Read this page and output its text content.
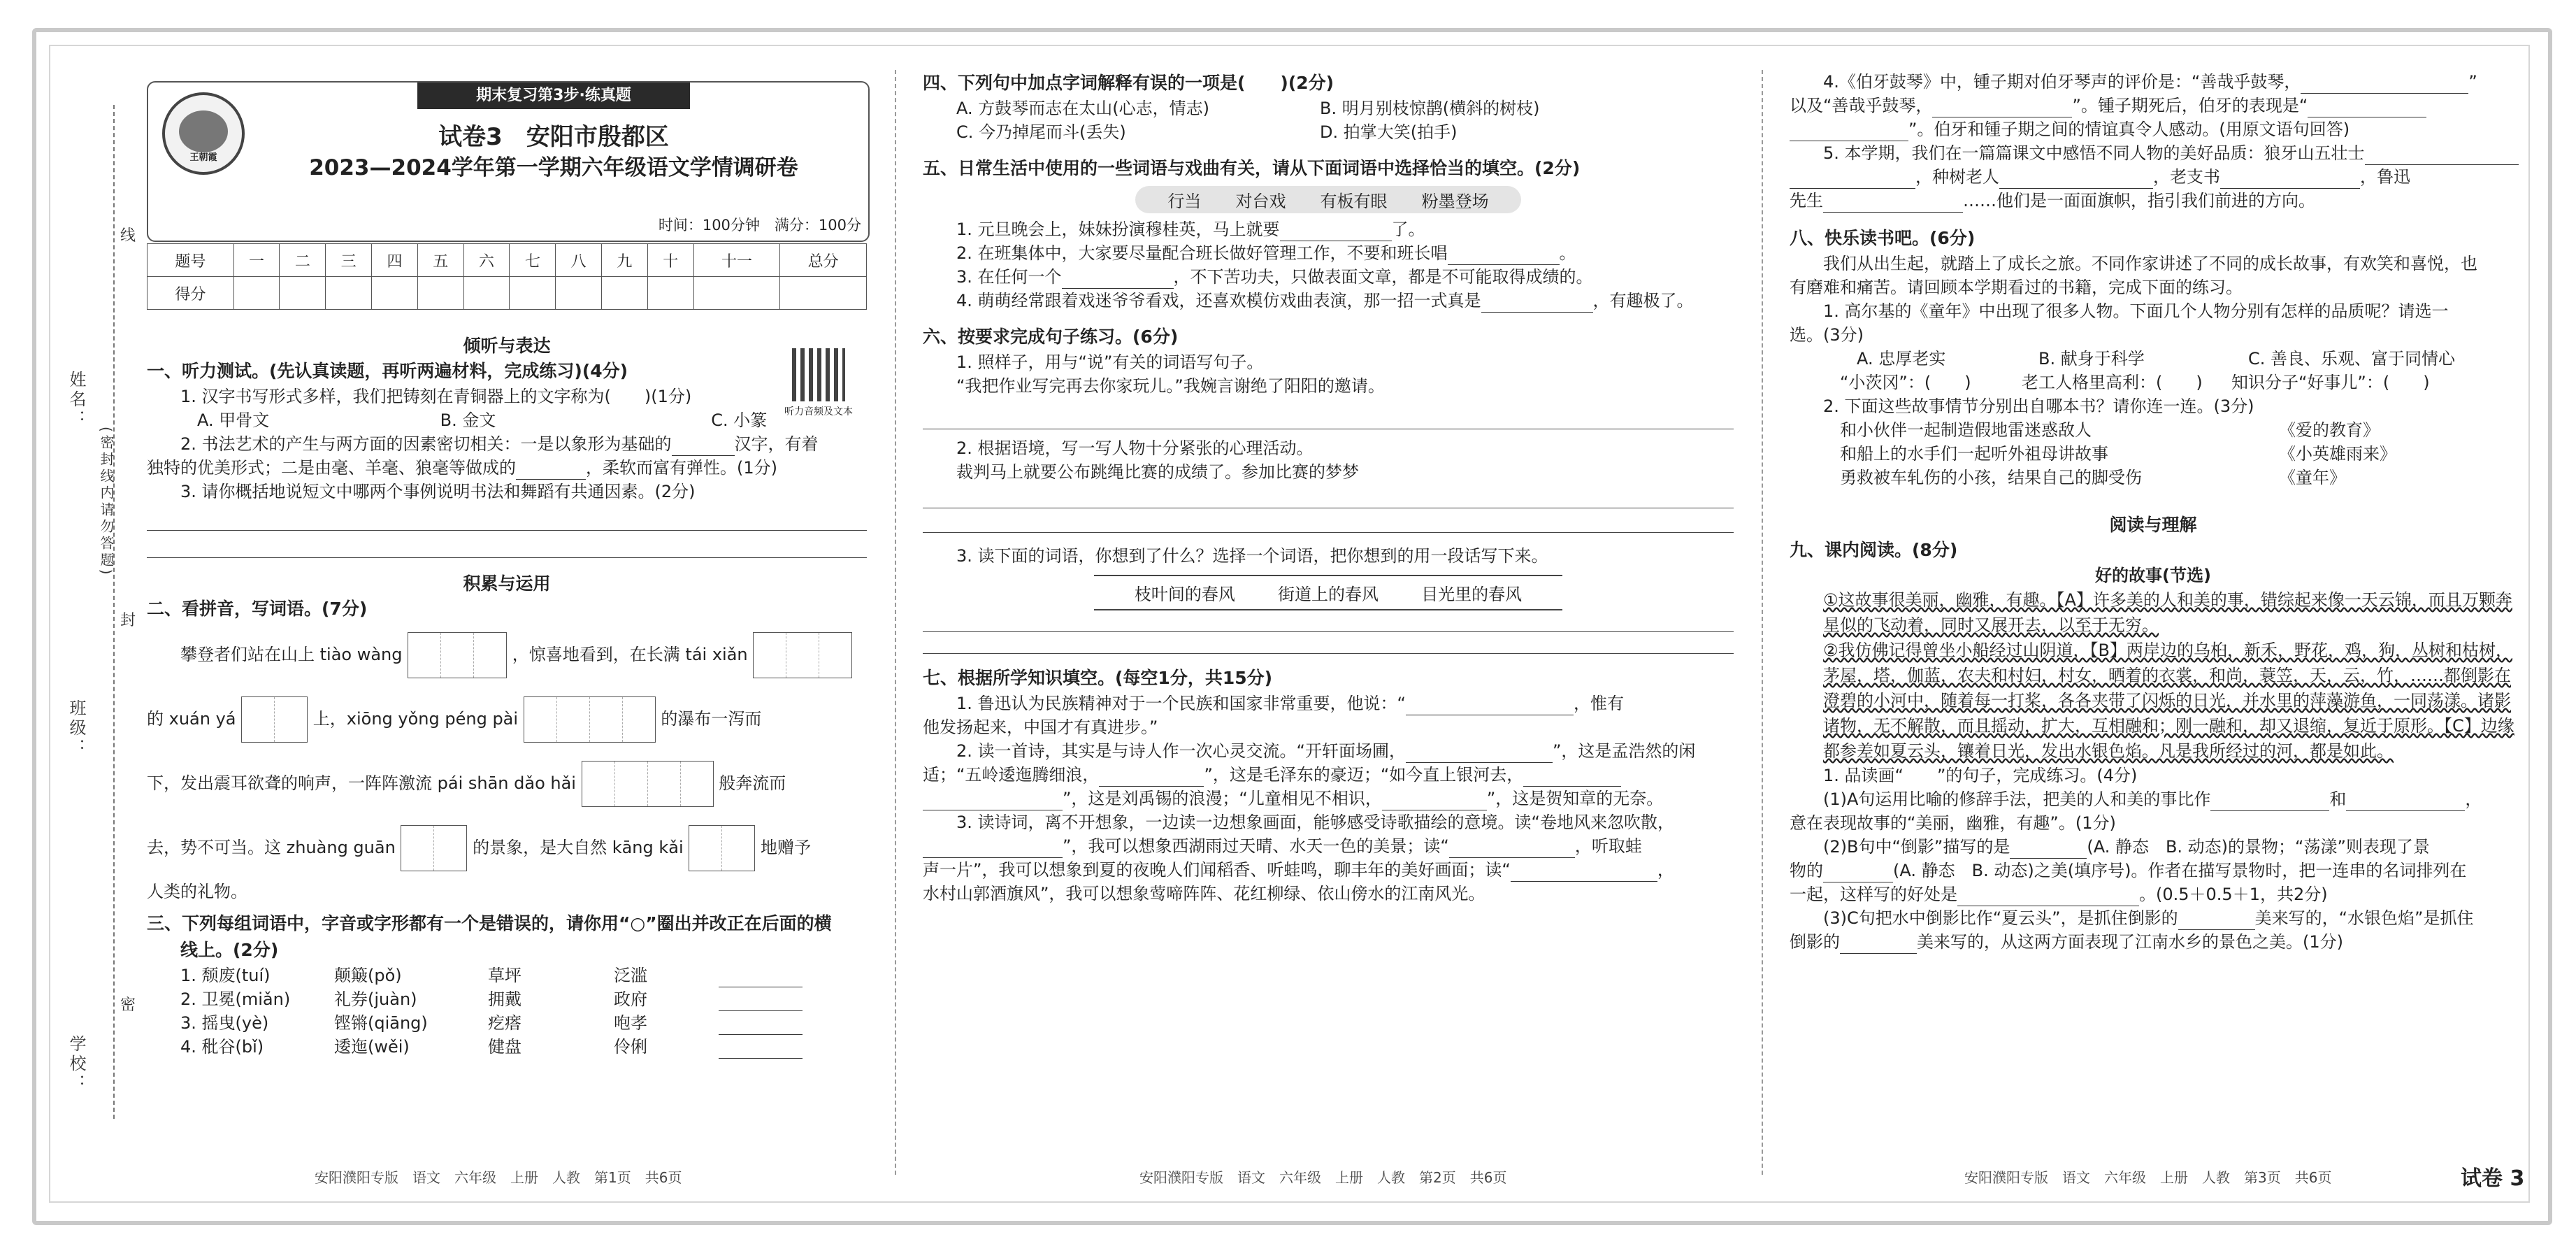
姓名：
班级：
学校：
(密封线内请勿答题)
线
封
密
期末复习第3步·练真题
王朝霞
试卷3　安阳市殷都区
2023—2024学年第一学期六年级语文学情调研卷
时间：100分钟　满分：100分
题号	一	二	三	四	五	六	七	八	九	十	十一	总分
得分												

倾听与表达

听力音频及文本

一、听力测试。(先认真读题，再听两遍材料，完成练习)(4分)

1. 汉字书写形式多样，我们把铸刻在青铜器上的文字称为(　　)(1分)

A. 甲骨文	B. 金文	C. 小篆

2. 书法艺术的产生与两方面的因素密切相关：一是以象形为基础的	汉字，有着

独特的优美形式；二是由毫、羊毫、狼毫等做成的	，柔软而富有弹性。(1分)

3. 请你概括地说短文中哪两个事例说明书法和舞蹈有共通因素。(2分)

积累与运用

二、看拼音，写词语。(7分)

攀登者们站在山上 tiào wàng	，惊喜地看到，在长满 tái xiǎn
的 xuán yá	上，xiōng yǒng péng pài	的瀑布一泻而
下，发出震耳欲聋的响声，一阵阵激流 pái shān dǎo hǎi	般奔流而
去，势不可当。这 zhuàng guān	的景象，是大自然 kāng kǎi	地赠予

人类的礼物。

三、下列每组词语中，字音或字形都有一个是错误的，请你用“○”圈出并改正在后面的横

线上。(2分)

1. 颓废(tuí)	颠簸(pǒ)	草坪	泛滥

2. 卫冕(miǎn)	礼券(juàn)	拥戴	政府

3. 摇曳(yè)	铿锵(qiāng)	疙瘩	咆孝

4. 秕谷(bǐ)	逶迤(wěi)	健盘	伶俐

安阳濮阳专版　语文　六年级　上册　人教　第1页　共6页

四、下列句中加点字词解释有误的一项是(　　)(2分)

A. 方鼓琴而志在太山(心志，情志)	B. 明月别枝惊鹊(横斜的树枝)

C. 今乃掉尾而斗(丢失)	D. 拍掌大笑(拍手)

五、日常生活中使用的一些词语与戏曲有关，请从下面词语中选择恰当的填空。(2分)

行当 对台戏 有板有眼 粉墨登场

1. 元旦晚会上，妹妹扮演穆桂英，马上就要	了。

2. 在班集体中，大家要尽量配合班长做好管理工作，不要和班长唱	。

3. 在任何一个	，不下苦功夫，只做表面文章，都是不可能取得成绩的。

4. 萌萌经常跟着戏迷爷爷看戏，还喜欢模仿戏曲表演，那一招一式真是	，有趣极了。

六、按要求完成句子练习。(6分)

1. 照样子，用与“说”有关的词语写句子。

“我把作业写完再去你家玩儿。”我婉言谢绝了阳阳的邀请。

2. 根据语境，写一写人物十分紧张的心理活动。

裁判马上就要公布跳绳比赛的成绩了。参加比赛的梦梦

3. 读下面的词语，你想到了什么？选择一个词语，把你想到的用一段话写下来。

枝叶间的春风	街道上的春风	目光里的春风

七、根据所学知识填空。(每空1分，共15分)

1. 鲁迅认为民族精神对于一个民族和国家非常重要，他说：“	，惟有

他发扬起来，中国才有真进步。”

2. 读一首诗，其实是与诗人作一次心灵交流。“开轩面场圃，	”，这是孟浩然的闲

适；“五岭逶迤腾细浪，	”，这是毛泽东的豪迈；“如今直上银河去，

”，这是刘禹锡的浪漫；“儿童相见不相识，	”，这是贺知章的无奈。

3. 读诗词，离不开想象，一边读一边想象画面，能够感受诗歌描绘的意境。读“卷地风来忽吹散，

”，我可以想象西湖雨过天晴、水天一色的美景；读“	，听取蛙

声一片”，我可以想象到夏的夜晚人们闻稻香、听蛙鸣，聊丰年的美好画面；读“	，

水村山郭酒旗风”，我可以想象莺啼阵阵、花红柳绿、依山傍水的江南风光。

安阳濮阳专版　语文　六年级　上册　人教　第2页　共6页

4.《伯牙鼓琴》中，锺子期对伯牙琴声的评价是：“善哉乎鼓琴，	”

以及“善哉乎鼓琴，	”。锺子期死后，伯牙的表现是“

”。伯牙和锺子期之间的情谊真令人感动。(用原文语句回答)

5. 本学期，我们在一篇篇课文中感悟不同人物的美好品质：狼牙山五壮士

，种树老人	，老支书	，鲁迅

先生	……他们是一面面旗帜，指引我们前进的方向。

八、快乐读书吧。(6分)

我们从出生起，就踏上了成长之旅。不同作家讲述了不同的成长故事，有欢笑和喜悦，也

有磨难和痛苦。请回顾本学期看过的书籍，完成下面的练习。

1. 高尔基的《童年》中出现了很多人物。下面几个人物分别有怎样的品质呢？请选一

选。(3分)

A. 忠厚老实	B. 献身于科学	C. 善良、乐观、富于同情心

“小茨冈”：(　　)	老工人格里高利：(　　) 知识分子“好事儿”：(　　)

2. 下面这些故事情节分别出自哪本书？请你连一连。(3分)

和小伙伴一起制造假地雷迷惑敌人

和船上的水手们一起听外祖母讲故事

勇救被车轧伤的小孩，结果自己的脚受伤

《爱的教育》

《小英雄雨来》

《童年》

阅读与理解

九、课内阅读。(8分)

好的故事(节选)

①这故事很美丽，幽雅，有趣。【A】许多美的人和美的事，错综起来像一天云锦，而且万颗奔星似的飞动着，同时又展开去，以至于无穷。

②我仿佛记得曾坐小船经过山阴道，【B】两岸边的乌桕，新禾，野花，鸡，狗，丛树和枯树，茅屋，塔，伽蓝，农夫和村妇，村女，晒着的衣裳，和尚，蓑笠，天，云，竹，……都倒影在澄碧的小河中，随着每一打桨，各各夹带了闪烁的日光，并水里的萍藻游鱼，一同荡漾。诸影诸物，无不解散，而且摇动，扩大，互相融和；刚一融和，却又退缩，复近于原形。【C】边缘都参差如夏云头，镶着日光，发出水银色焰。凡是我所经过的河，都是如此。

1. 品读画“　　”的句子，完成练习。(4分)

(1)A句运用比喻的修辞手法，把美的人和美的事比作	和	，

意在表现故事的“美丽，幽雅，有趣”。(1分)

(2)B句中“倒影”描写的是	(A. 静态　B. 动态)的景物；“荡漾”则表现了景

物的	(A. 静态　B. 动态)之美(填序号)。作者在描写景物时，把一连串的名词排列在

一起，这样写的好处是	。(0.5＋0.5＋1，共2分)

(3)C句把水中倒影比作“夏云头”，是抓住倒影的	美来写的，“水银色焰”是抓住

倒影的	美来写的，从这两方面表现了江南水乡的景色之美。(1分)

安阳濮阳专版　语文　六年级　上册　人教　第3页　共6页	试卷 3
